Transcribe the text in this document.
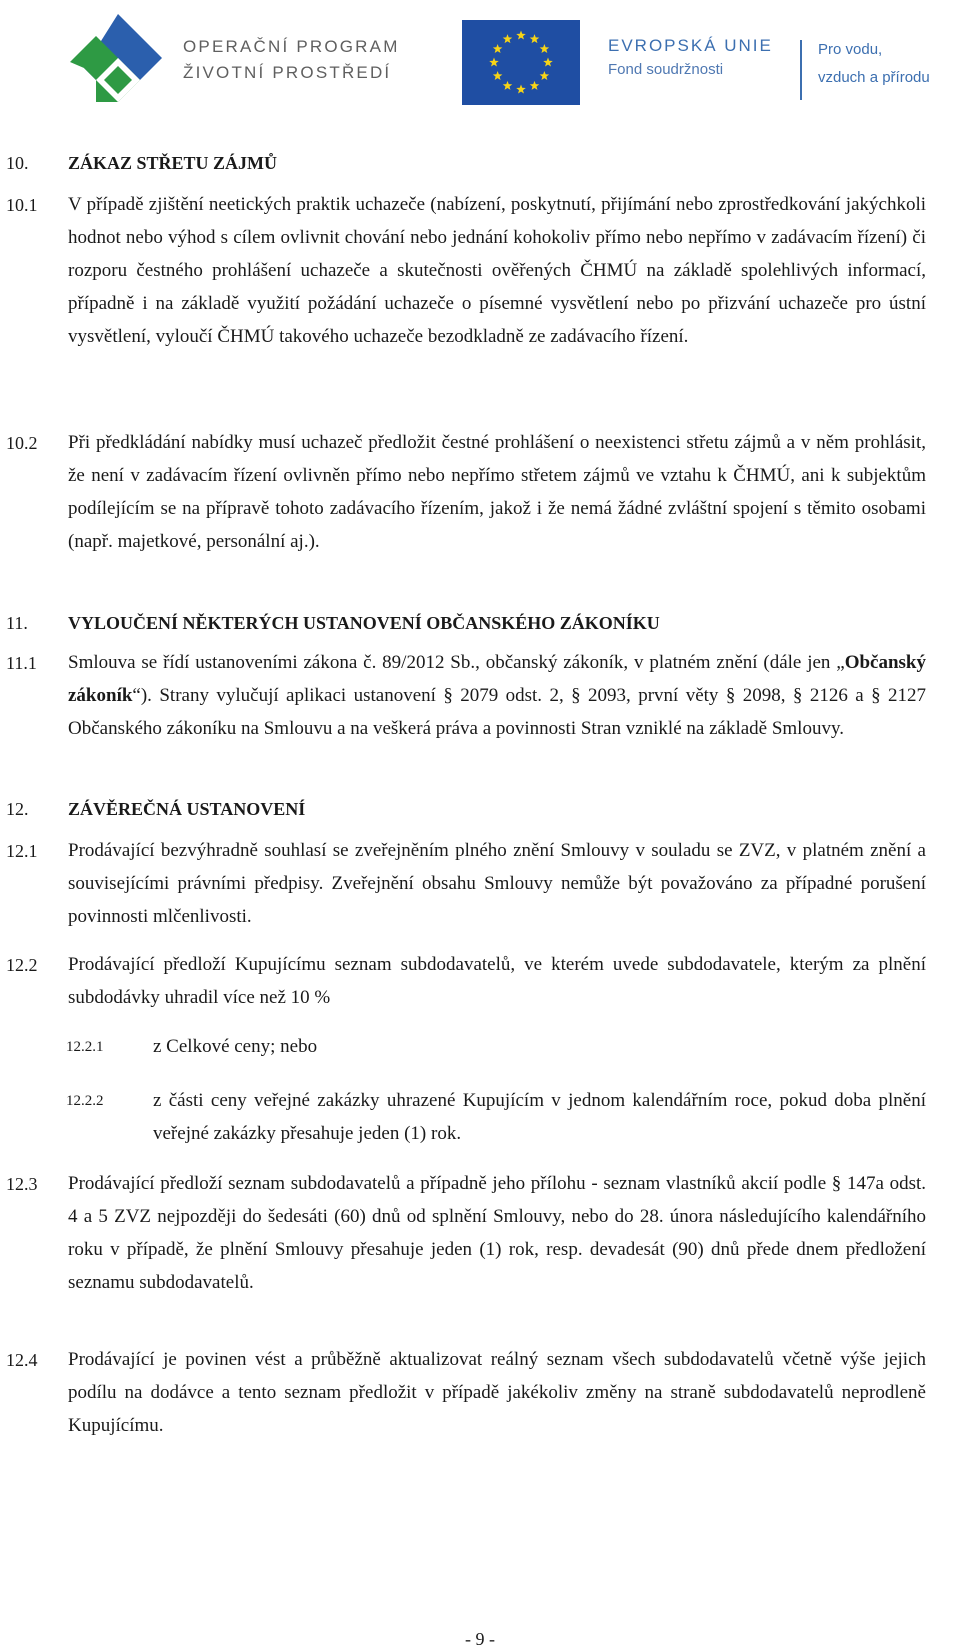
OPERAČNÍ PROGRAM
ŽIVOTNÍ PROSTŘEDÍ
EVROPSKÁ UNIE
Fond soudržnosti
Pro vodu,
vzduch a přírodu
10. ZÁKAZ STŘETU ZÁJMŮ
10.1 V případě zjištění neetických praktik uchazeče (nabízení, poskytnutí, přijímání nebo zprostředkování jakýchkoli hodnot nebo výhod s cílem ovlivnit chování nebo jednání kohokoliv přímo nebo nepřímo v zadávacím řízení) či rozporu čestného prohlášení uchazeče a skutečnosti ověřených ČHMÚ na základě spolehlivých informací, případně i na základě využití požádání uchazeče o písemné vysvětlení nebo po přizvání uchazeče pro ústní vysvětlení, vyloučí ČHMÚ takového uchazeče bezodkladně ze zadávacího řízení.

10.2 Při předkládání nabídky musí uchazeč předložit čestné prohlášení o neexistenci střetu zájmů a v něm prohlásit, že není v zadávacím řízení ovlivněn přímo nebo nepřímo střetem zájmů ve vztahu k ČHMÚ, ani k subjektům podílejícím se na přípravě tohoto zadávacího řízením, jakož i že nemá žádné zvláštní spojení s těmito osobami (např. majetkové, personální aj.).

11. VYLOUČENÍ NĚKTERÝCH USTANOVENÍ OBČANSKÉHO ZÁKONÍKU
11.1 Smlouva se řídí ustanoveními zákona č. 89/2012 Sb., občanský zákoník, v platném znění (dále jen „Občanský zákoník“). Strany vylučují aplikaci ustanovení § 2079 odst. 2, § 2093, první věty § 2098, § 2126 a § 2127 Občanského zákoníku na Smlouvu a na veškerá práva a povinnosti Stran vzniklé na základě Smlouvy.

12. ZÁVĚREČNÁ USTANOVENÍ
12.1 Prodávající bezvýhradně souhlasí se zveřejněním plného znění Smlouvy v souladu se ZVZ, v platném znění a souvisejícími právními předpisy. Zveřejnění obsahu Smlouvy nemůže být považováno za případné porušení povinnosti mlčenlivosti.

12.2 Prodávající předloží Kupujícímu seznam subdodavatelů, ve kterém uvede subdodavatele, kterým za plnění subdodávky uhradil více než 10 %

12.2.1	z Celkové ceny; nebo

12.2.2	z části ceny veřejné zakázky uhrazené Kupujícím v jednom kalendářním roce, pokud doba plnění veřejné zakázky přesahuje jeden (1) rok.

12.3 Prodávající předloží seznam subdodavatelů a případně jeho přílohu - seznam vlastníků akcií podle § 147a odst. 4 a 5 ZVZ nejpozději do šedesáti (60) dnů od splnění Smlouvy, nebo do 28. února následujícího kalendářního roku v případě, že plnění Smlouvy přesahuje jeden (1) rok, resp. devadesát (90) dnů přede dnem předložení seznamu subdodavatelů.

12.4 Prodávající je povinen vést a průběžně aktualizovat reálný seznam všech subdodavatelů včetně výše jejich podílu na dodávce a tento seznam předložit v případě jakékoliv změny na straně subdodavatelů neprodleně Kupujícímu.

- 9 -
